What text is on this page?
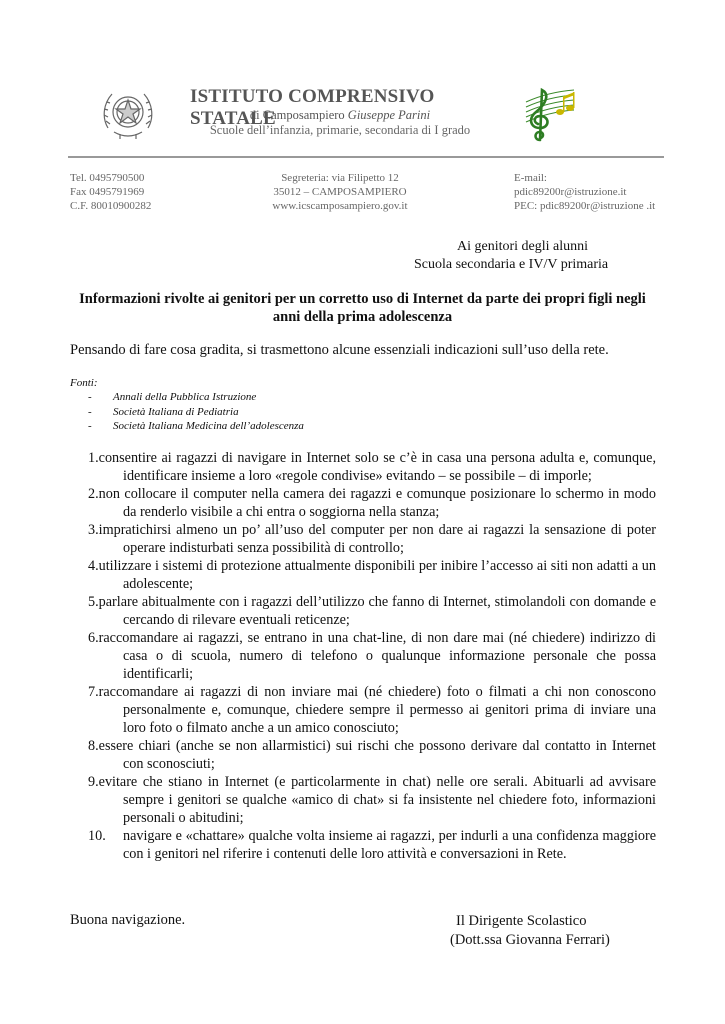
ISTITUTO COMPRENSIVO STATALE
di Camposampiero Giuseppe Parini
Scuole dell’infanzia, primarie, secondaria di I grado
Tel. 0495790500
Fax 0495791969
C.F. 80010900282
Segreteria: via Filipetto 12
35012 – CAMPOSAMPIERO
www.icscamposampiero.gov.it
E-mail:
pdic89200r@istruzione.it
PEC: pdic89200r@istruzione .it
Ai genitori degli alunni
Scuola secondaria e IV/V primaria
Informazioni rivolte ai genitori per un corretto uso di Internet da parte dei propri figli negli anni della prima adolescenza
Pensando di fare cosa gradita, si trasmettono alcune essenziali indicazioni sull’uso della rete.
Fonti:
- Annali della Pubblica Istruzione
- Società Italiana di Pediatria
- Società Italiana Medicina dell’adolescenza
1.consentire ai ragazzi di navigare in Internet solo se c’è in casa una persona adulta e, comunque, identificare insieme a loro «regole condivise» evitando – se possibile – di imporle;
2.non collocare il computer nella camera dei ragazzi e comunque posizionare lo schermo in modo da renderlo visibile a chi entra o soggiorna nella stanza;
3.impratichirsi almeno un po’ all’uso del computer per non dare ai ragazzi la sensazione di poter operare indisturbati senza possibilità di controllo;
4.utilizzare i sistemi di protezione attualmente disponibili per inibire l’accesso ai siti non adatti a un adolescente;
5.parlare abitualmente con i ragazzi dell’utilizzo che fanno di Internet, stimolandoli con domande e cercando di rilevare eventuali reticenze;
6.raccomandare ai ragazzi, se entrano in una chat-line, di non dare mai (né chiedere) indirizzo di casa o di scuola, numero di telefono o qualunque informazione personale che possa identificarli;
7.raccomandare ai ragazzi di non inviare mai (né chiedere) foto o filmati a chi non conoscono personalmente e, comunque, chiedere sempre il permesso ai genitori prima di inviare una loro foto o filmato anche a un amico conosciuto;
8.essere chiari (anche se non allarmistici) sui rischi che possono derivare dal contatto in Internet con sconosciuti;
9.evitare che stiano in Internet (e particolarmente in chat) nelle ore serali. Abituarli ad avvisare sempre i genitori se qualche «amico di chat» si fa insistente nel chiedere foto, informazioni personali o abitudini;
10. navigare e «chattare» qualche volta insieme ai ragazzi, per indurli a una confidenza maggiore con i genitori nel riferire i contenuti delle loro attività e conversazioni in Rete.
Buona navigazione.	Il Dirigente Scolastico
(Dott.ssa Giovanna Ferrari)
